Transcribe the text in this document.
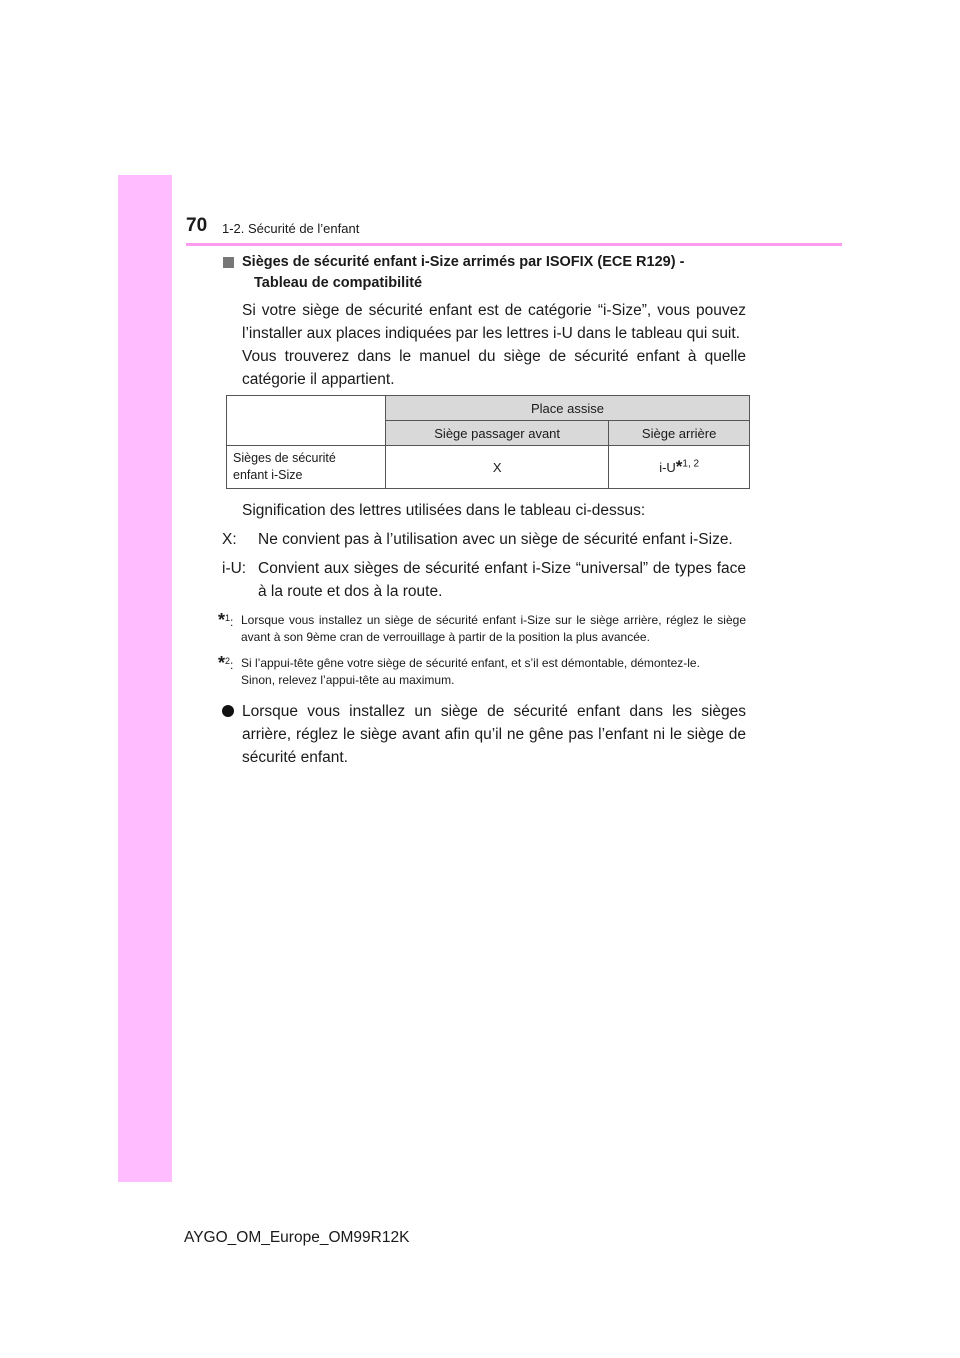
70 1-2. Sécurité de l’enfant
Sièges de sécurité enfant i-Size arrimés par ISOFIX (ECE R129) -
Tableau de compatibilité

Si votre siège de sécurité enfant est de catégorie “i-Size”, vous pouvez l’installer aux places indiquées par les lettres i-U dans le tableau qui suit.

Vous trouverez dans le manuel du siège de sécurité enfant à quelle catégorie il appartient.

	Place assise	
	Siège passager avant	Siège arrière
Sièges de sécurité
enfant i-Size	X	i-U*$^{1, 2}$
Signification des lettres utilisées dans le tableau ci-dessus:
X:	Ne convient pas à l’utilisation avec un siège de sécurité enfant i-Size.
i-U: Convient aux sièges de sécurité enfant i-Size “universal” de types face à la route et dos à la route.
*$^1$: Lorsque vous installez un siège de sécurité enfant i-Size sur le siège arrière, réglez le siège avant à son 9ème cran de verrouillage à partir de la position la plus avancée.
*$^2$: Si l’appui-tête gêne votre siège de sécurité enfant, et s’il est démontable, démontez-le.
Sinon, relevez l’appui-tête au maximum.
Lorsque vous installez un siège de sécurité enfant dans les sièges arrière, réglez le siège avant afin qu’il ne gêne pas l’enfant ni le siège de sécurité enfant.
AYGO_OM_Europe_OM99R12K
